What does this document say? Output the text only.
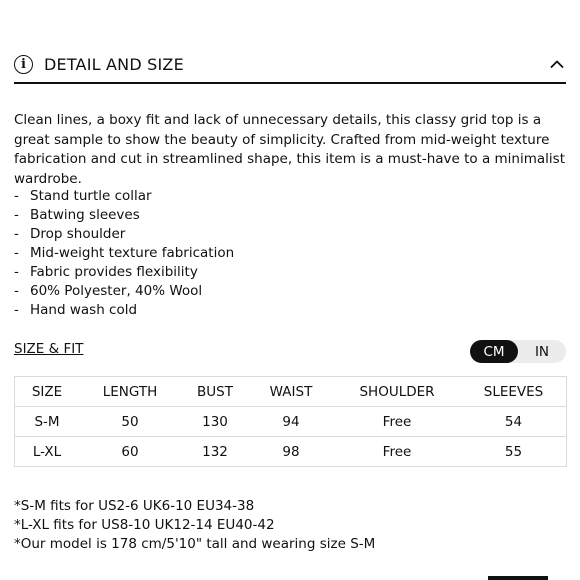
i	DETAIL AND SIZE

Clean lines, a boxy fit and lack of unnecessary details, this classy grid top is a great sample to show the beauty of simplicity. Crafted from mid-weight texture fabrication and cut in streamlined shape, this item is a must-have to a minimalist wardrobe.

- Stand turtle collar
- Batwing sleeves
- Drop shoulder
- Mid-weight texture fabrication
- Fabric provides flexibility
- 60% Polyester, 40% Wool
- Hand wash cold
SIZE & FIT	CM	IN
SIZE	LENGTH	BUST	WAIST	SHOULDER	SLEEVES
S-M	50	130	94	Free	54
L-XL	60	132	98	Free	55
*S-M fits for US2-6 UK6-10 EU34-38
*L-XL fits for US8-10 UK12-14 EU40-42
*Our model is 178 cm/5'10" tall and wearing size S-M
